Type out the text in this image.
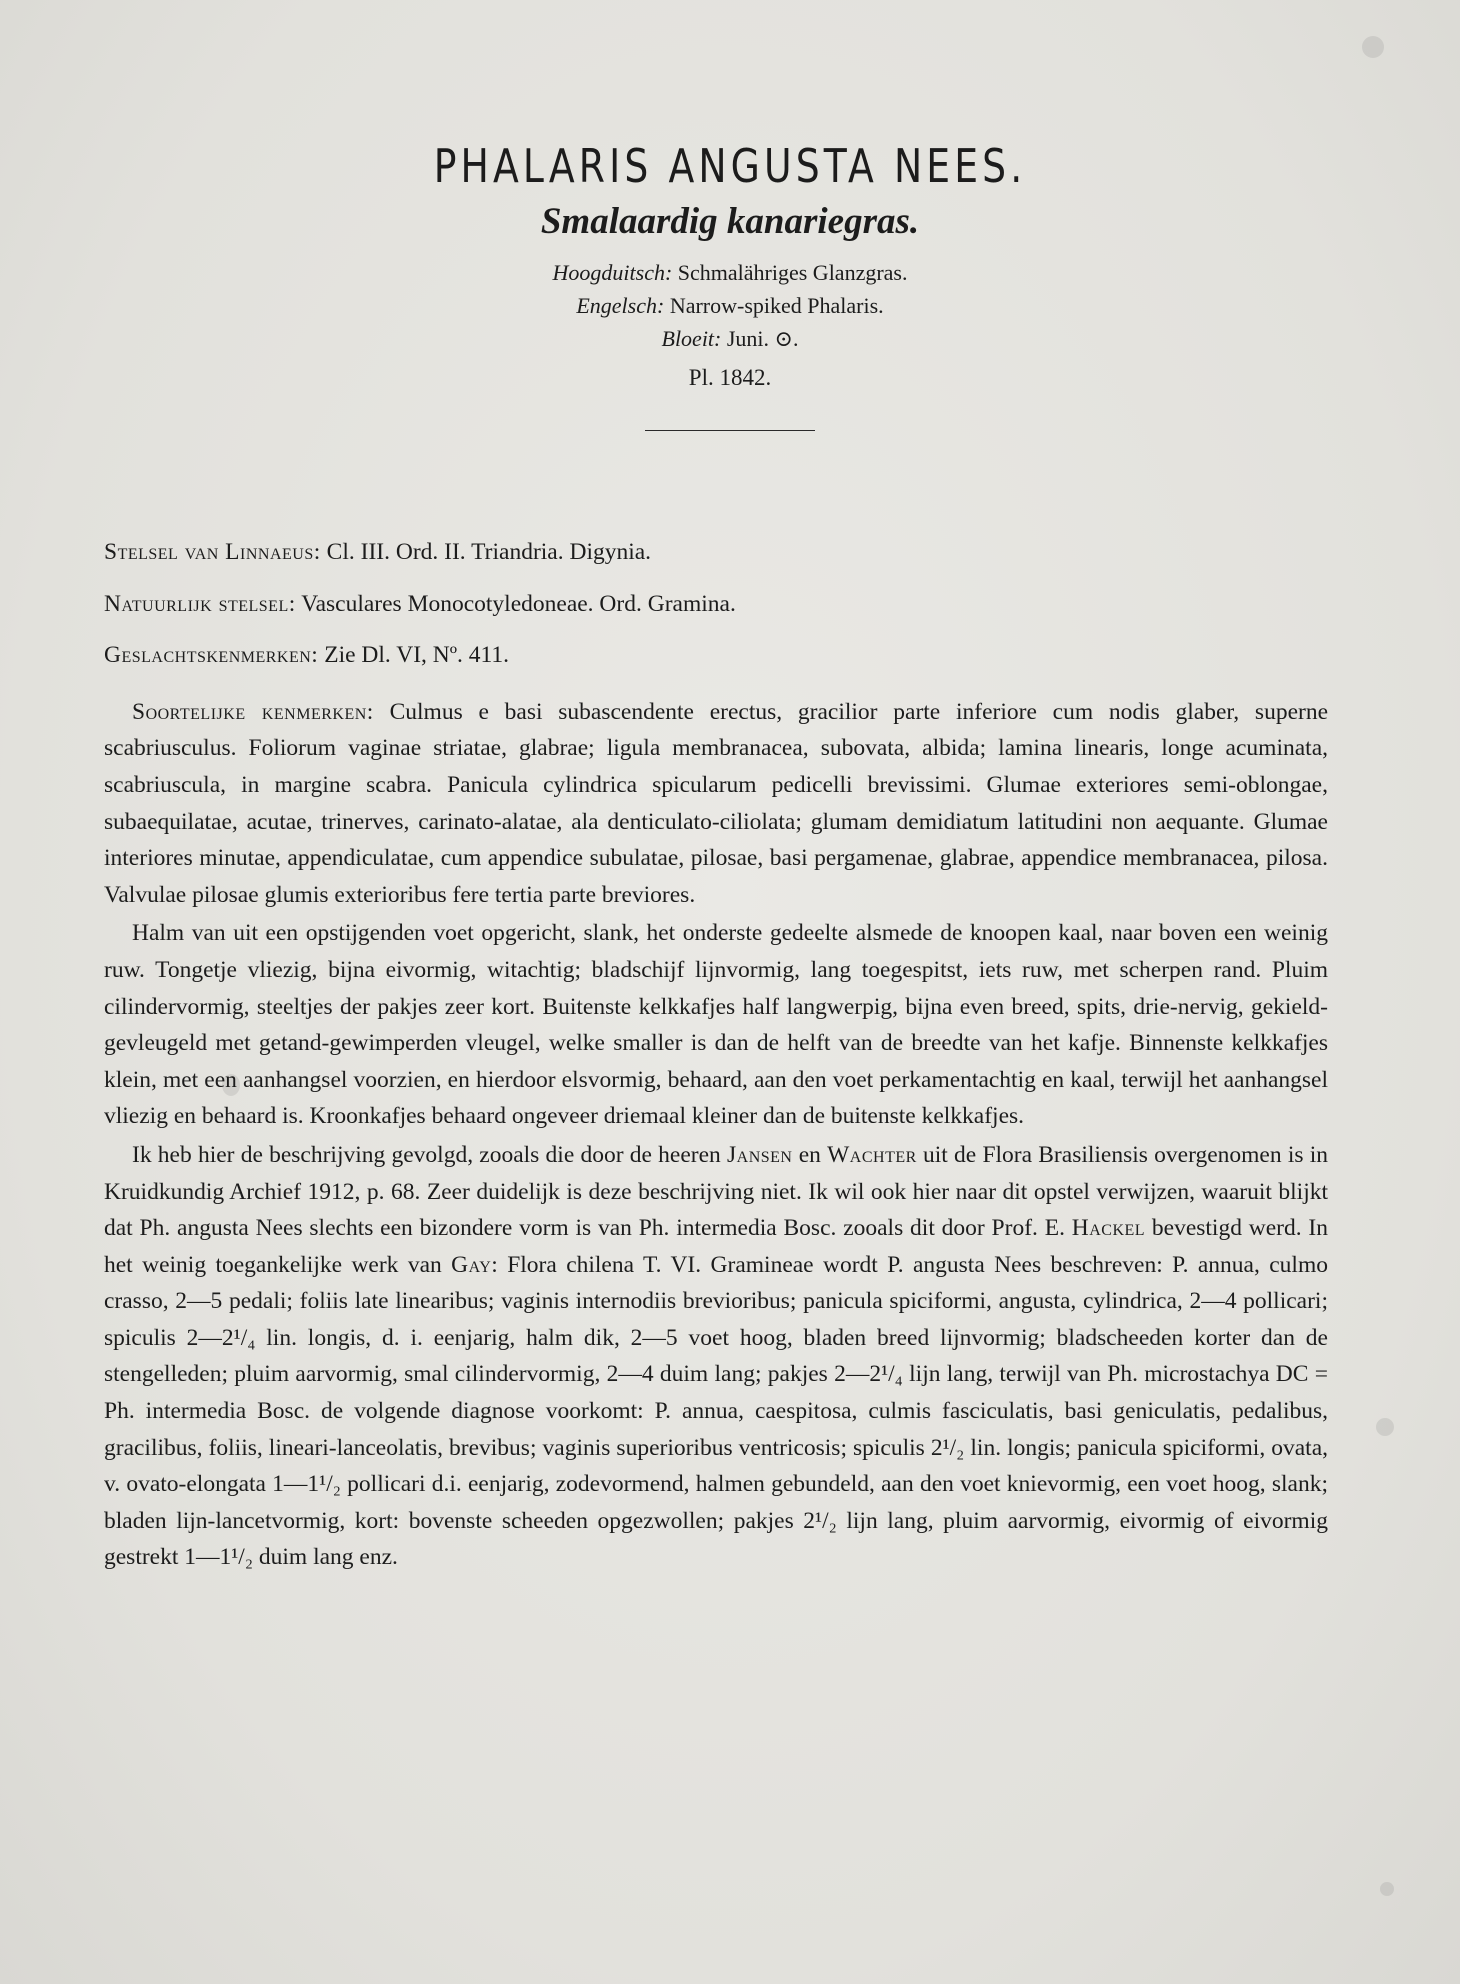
PHALARIS ANGUSTA NEES.
Smalaardig kanariegras.
Hoogduitsch: Schmalähriges Glanzgras.
Engelsch: Narrow-spiked Phalaris.
Bloeit: Juni. ⊙.
Pl. 1842.

Stelsel van Linnaeus: Cl. III. Ord. II. Triandria. Digynia.

Natuurlijk stelsel: Vasculares Monocotyledoneae. Ord. Gramina.

Geslachtskenmerken: Zie Dl. VI, Nº. 411.

Soortelijke kenmerken: Culmus e basi subascendente erectus, gracilior parte inferiore cum nodis glaber, superne scabriusculus. Foliorum vaginae striatae, glabrae; ligula membranacea, subovata, albida; lamina linearis, longe acuminata, scabriuscula, in margine scabra. Panicula cylindrica spicularum pedicelli brevissimi. Glumae exteriores semi-oblongae, subaequilatae, acutae, trinerves, carinato-alatae, ala denticulato-ciliolata; glumam demidiatum latitudini non aequante. Glumae interiores minutae, appendiculatae, cum appendice subulatae, pilosae, basi pergamenae, glabrae, appendice membranacea, pilosa. Valvulae pilosae glumis exterioribus fere tertia parte breviores.

Halm van uit een opstijgenden voet opgericht, slank, het onderste gedeelte alsmede de knoopen kaal, naar boven een weinig ruw. Tongetje vliezig, bijna eivormig, witachtig; bladschijf lijnvormig, lang toegespitst, iets ruw, met scherpen rand. Pluim cilindervormig, steeltjes der pakjes zeer kort. Buitenste kelkkafjes half langwerpig, bijna even breed, spits, drie-nervig, gekield-gevleugeld met getand-gewimperden vleugel, welke smaller is dan de helft van de breedte van het kafje. Binnenste kelkkafjes klein, met een aanhangsel voorzien, en hierdoor elsvormig, behaard, aan den voet perkamentachtig en kaal, terwijl het aanhangsel vliezig en behaard is. Kroonkafjes behaard ongeveer driemaal kleiner dan de buitenste kelkkafjes.

Ik heb hier de beschrijving gevolgd, zooals die door de heeren Jansen en Wachter uit de Flora Brasiliensis overgenomen is in Kruidkundig Archief 1912, p. 68. Zeer duidelijk is deze beschrijving niet. Ik wil ook hier naar dit opstel verwijzen, waaruit blijkt dat Ph. angusta Nees slechts een bizondere vorm is van Ph. intermedia Bosc. zooals dit door Prof. E. Hackel bevestigd werd. In het weinig toegankelijke werk van Gay: Flora chilena T. VI. Gramineae wordt P. angusta Nees beschreven: P. annua, culmo crasso, 2—5 pedali; foliis late linearibus; vaginis internodiis brevioribus; panicula spiciformi, angusta, cylindrica, 2—4 pollicari; spiculis 2—2¹/₄ lin. longis, d. i. eenjarig, halm dik, 2—5 voet hoog, bladen breed lijnvormig; bladscheeden korter dan de stengelleden; pluim aarvormig, smal cilindervormig, 2—4 duim lang; pakjes 2—2¹/₄ lijn lang, terwijl van Ph. microstachya DC = Ph. intermedia Bosc. de volgende diagnose voorkomt: P. annua, caespitosa, culmis fasciculatis, basi geniculatis, pedalibus, gracilibus, foliis, lineari-lanceolatis, brevibus; vaginis superioribus ventricosis; spiculis 2¹/₂ lin. longis; panicula spiciformi, ovata, v. ovato-elongata 1—1¹/₂ pollicari d.i. eenjarig, zodevormend, halmen gebundeld, aan den voet knievormig, een voet hoog, slank; bladen lijn-lancetvormig, kort: bovenste scheeden opgezwollen; pakjes 2¹/₂ lijn lang, pluim aarvormig, eivormig of eivormig gestrekt 1—1¹/₂ duim lang enz.
